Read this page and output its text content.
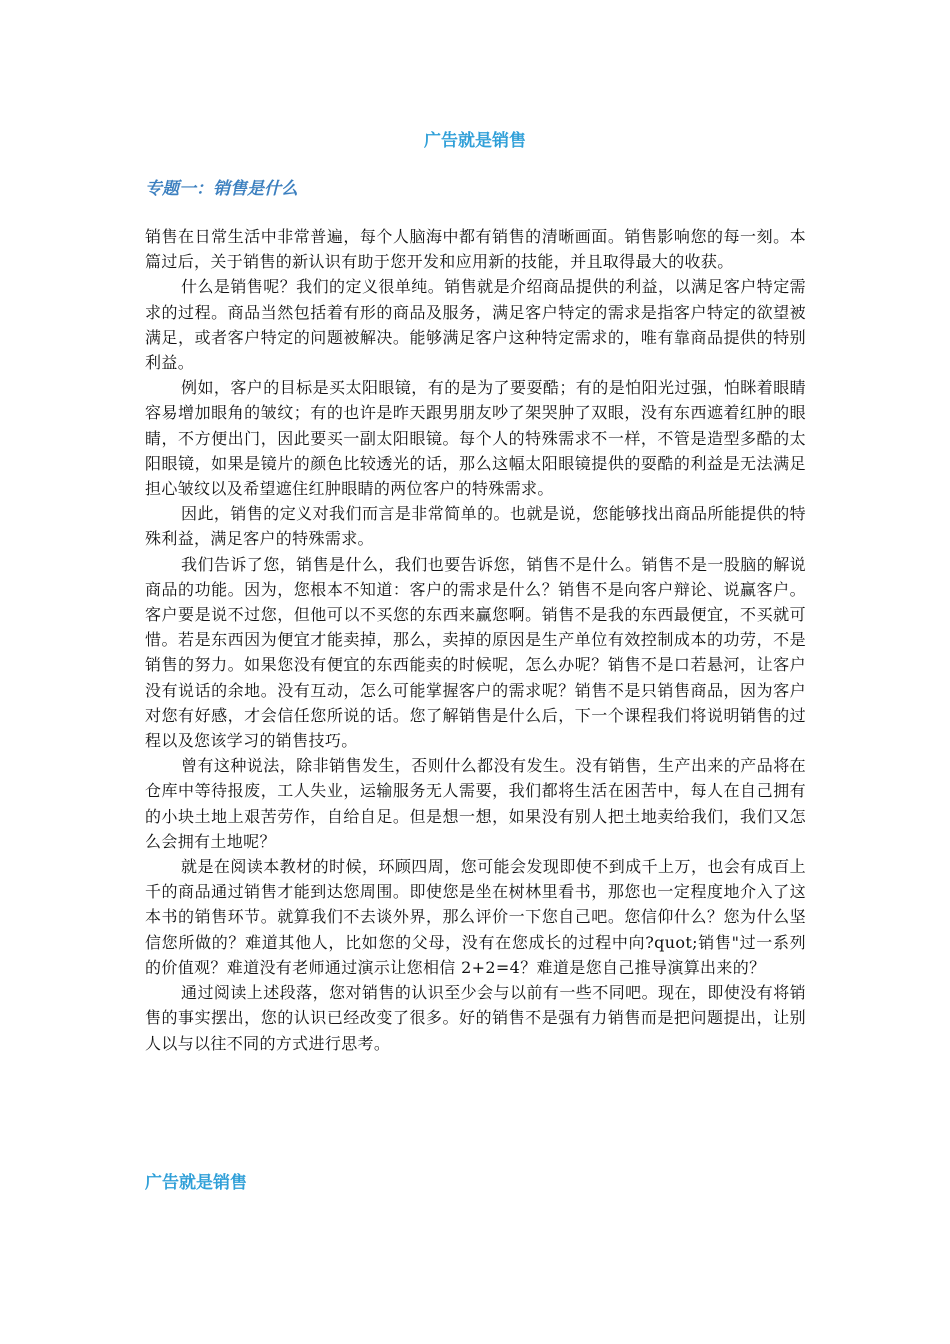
广告就是销售
专题一：销售是什么

销售在日常生活中非常普遍，每个人脑海中都有销售的清晰画面。销售影响您的每一刻。本篇过后，关于销售的新认识有助于您开发和应用新的技能，并且取得最大的收获。

什么是销售呢？我们的定义很单纯。销售就是介绍商品提供的利益，以满足客户特定需求的过程。商品当然包括着有形的商品及服务，满足客户特定的需求是指客户特定的欲望被满足，或者客户特定的问题被解决。能够满足客户这种特定需求的，唯有靠商品提供的特别利益。

例如，客户的目标是买太阳眼镜，有的是为了要耍酷；有的是怕阳光过强，怕眯着眼睛容易增加眼角的皱纹；有的也许是昨天跟男朋友吵了架哭肿了双眼，没有东西遮着红肿的眼睛，不方便出门，因此要买一副太阳眼镜。每个人的特殊需求不一样，不管是造型多酷的太阳眼镜，如果是镜片的颜色比较透光的话，那么这幅太阳眼镜提供的耍酷的利益是无法满足担心皱纹以及希望遮住红肿眼睛的两位客户的特殊需求。

因此，销售的定义对我们而言是非常简单的。也就是说，您能够找出商品所能提供的特殊利益，满足客户的特殊需求。

我们告诉了您，销售是什么，我们也要告诉您，销售不是什么。销售不是一股脑的解说商品的功能。因为，您根本不知道：客户的需求是什么？销售不是向客户辩论、说赢客户。客户要是说不过您，但他可以不买您的东西来赢您啊。销售不是我的东西最便宜，不买就可惜。若是东西因为便宜才能卖掉，那么，卖掉的原因是生产单位有效控制成本的功劳，不是销售的努力。如果您没有便宜的东西能卖的时候呢，怎么办呢？销售不是口若悬河，让客户没有说话的余地。没有互动，怎么可能掌握客户的需求呢？销售不是只销售商品，因为客户对您有好感，才会信任您所说的话。您了解销售是什么后，下一个课程我们将说明销售的过程以及您该学习的销售技巧。

曾有这种说法，除非销售发生，否则什么都没有发生。没有销售，生产出来的产品将在仓库中等待报废，工人失业，运输服务无人需要，我们都将生活在困苦中，每人在自己拥有的小块土地上艰苦劳作，自给自足。但是想一想，如果没有别人把土地卖给我们，我们又怎么会拥有土地呢？

就是在阅读本教材的时候，环顾四周，您可能会发现即使不到成千上万，也会有成百上千的商品通过销售才能到达您周围。即使您是坐在树林里看书，那您也一定程度地介入了这本书的销售环节。就算我们不去谈外界，那么评价一下您自己吧。您信仰什么？您为什么坚信您所做的？难道其他人，比如您的父母，没有在您成长的过程中向?quot;销售"过一系列的价值观？难道没有老师通过演示让您相信 2+2=4？难道是您自己推导演算出来的？

通过阅读上述段落，您对销售的认识至少会与以前有一些不同吧。现在，即使没有将销售的事实摆出，您的认识已经改变了很多。好的销售不是强有力销售而是把问题提出，让别人以与以往不同的方式进行思考。

广告就是销售
